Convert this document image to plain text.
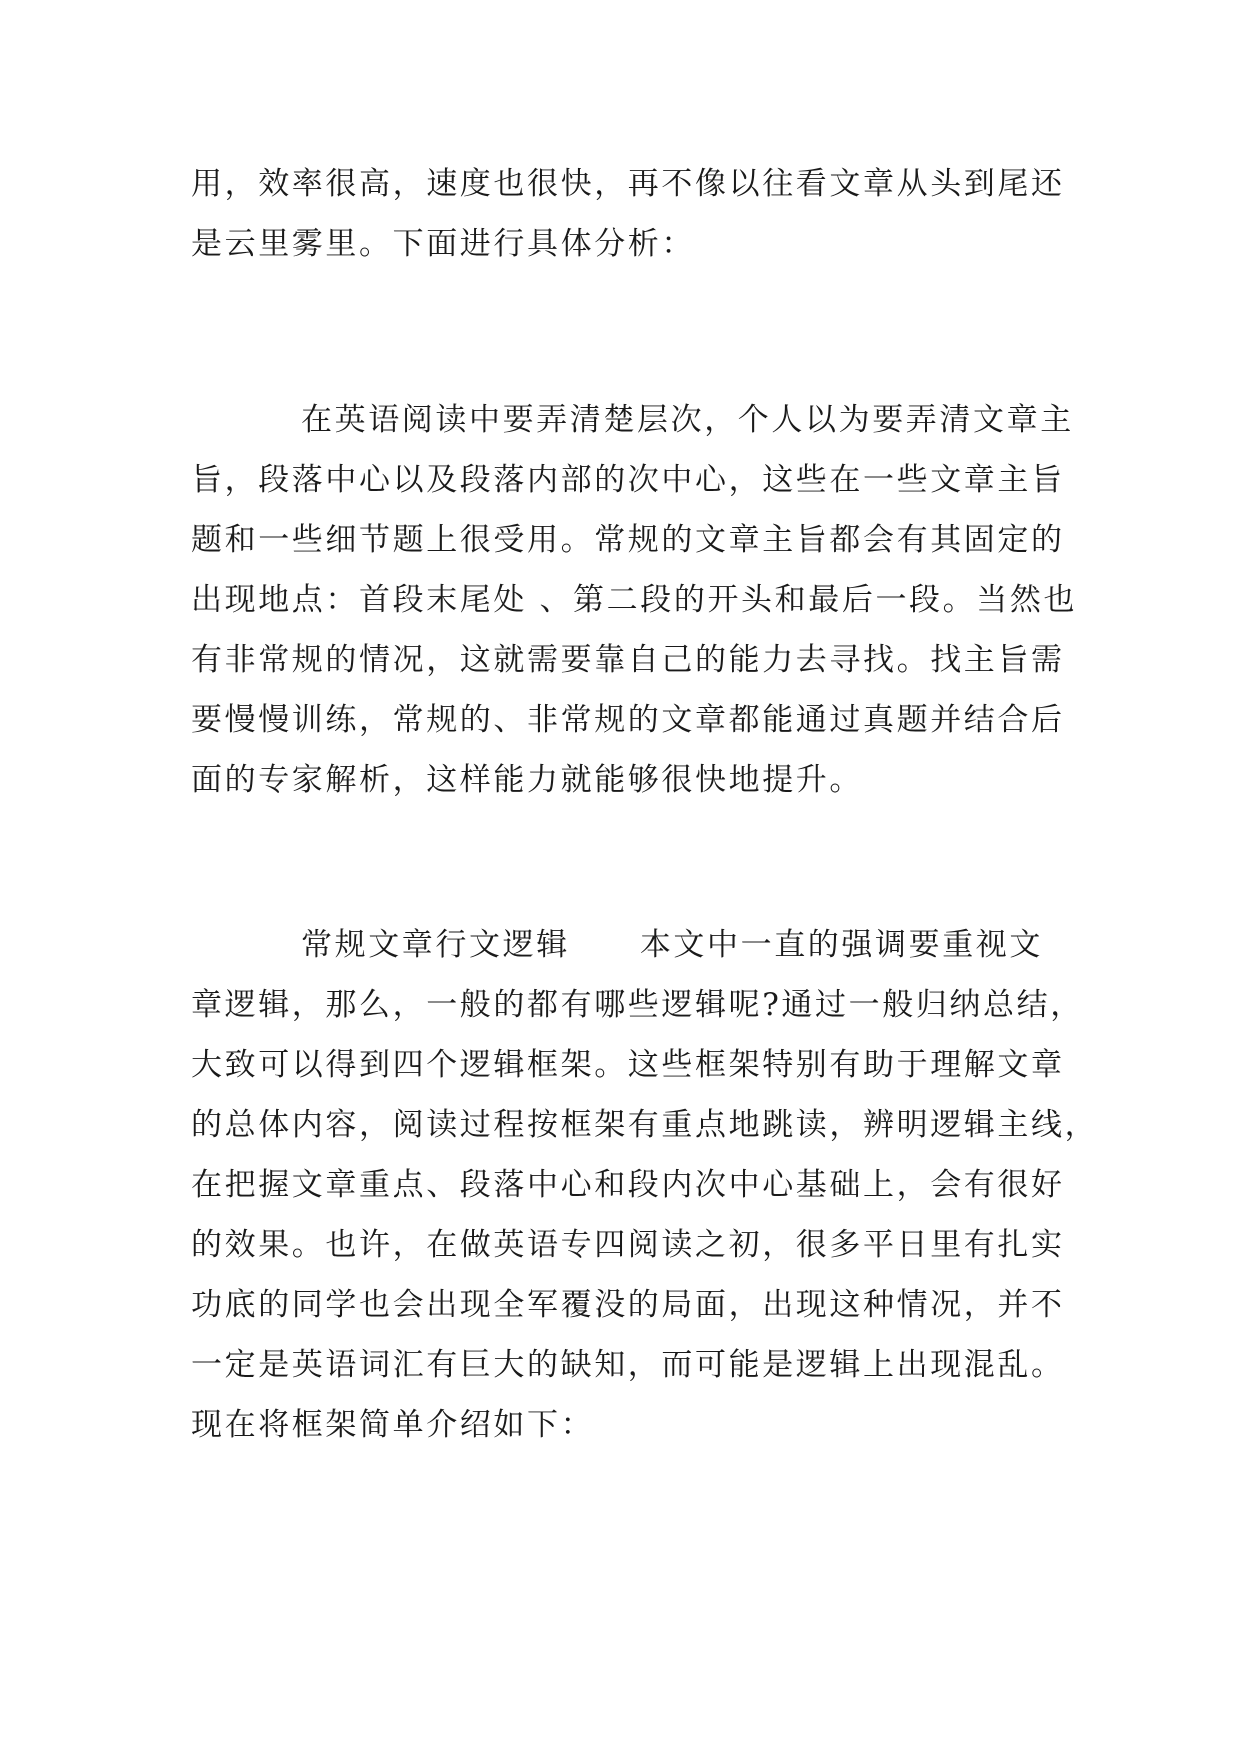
用，效率很高，速度也很快，再不像以往看文章从头到尾还
是云里雾里。下面进行具体分析：
在英语阅读中要弄清楚层次，个人以为要弄清文章主
旨，段落中心以及段落内部的次中心，这些在一些文章主旨
题和一些细节题上很受用。常规的文章主旨都会有其固定的
出现地点：首段末尾处 、第二段的开头和最后一段。当然也
有非常规的情况，这就需要靠自己的能力去寻找。找主旨需
要慢慢训练，常规的、非常规的文章都能通过真题并结合后
面的专家解析，这样能力就能够很快地提升。
常规文章行文逻辑 本文中一直的强调要重视文
章逻辑，那么，一般的都有哪些逻辑呢?通过一般归纳总结，
大致可以得到四个逻辑框架。这些框架特别有助于理解文章
的总体内容，阅读过程按框架有重点地跳读，辨明逻辑主线，
在把握文章重点、段落中心和段内次中心基础上，会有很好
的效果。也许，在做英语专四阅读之初，很多平日里有扎实
功底的同学也会出现全军覆没的局面，出现这种情况，并不
一定是英语词汇有巨大的缺知，而可能是逻辑上出现混乱。
现在将框架简单介绍如下：
